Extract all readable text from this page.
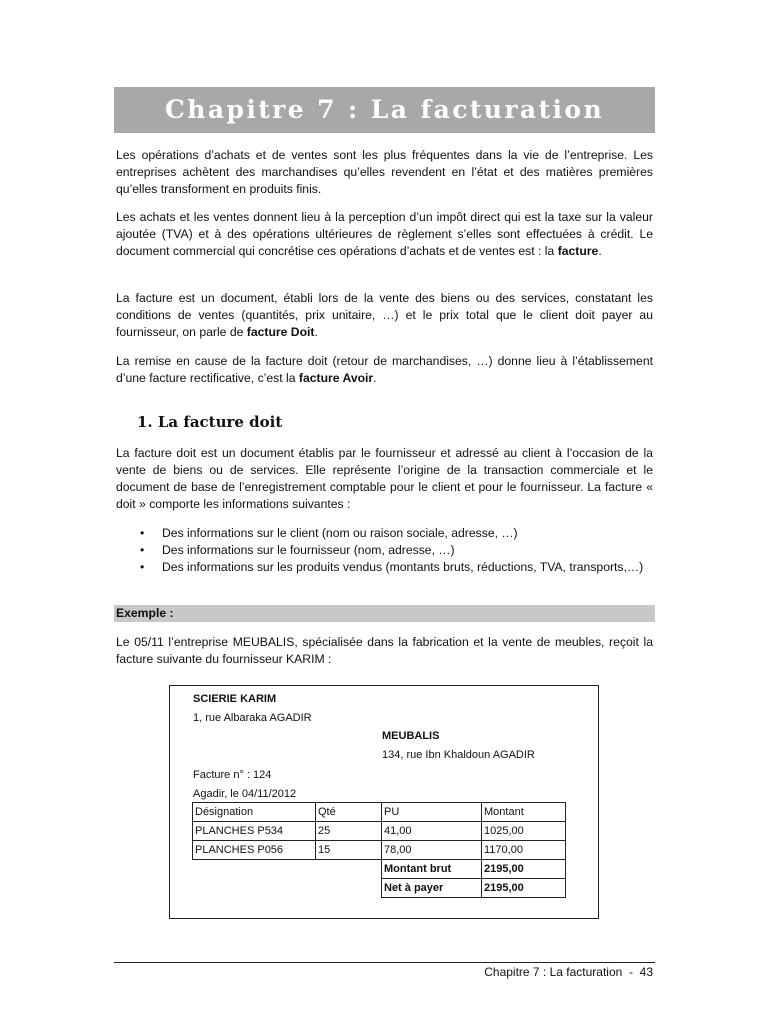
Chapitre 7 : La facturation

Les opérations d’achats et de ventes sont les plus fréquentes dans la vie de l’entreprise. Les entreprises achètent des marchandises qu’elles revendent en l’état et des matières premières qu’elles transforment en produits finis.

Les achats et les ventes donnent lieu à la perception d’un impôt direct qui est la taxe sur la valeur ajoutée (TVA) et à des opérations ultérieures de règlement s’elles sont effectuées à crédit. Le document commercial qui concrétise ces opérations d’achats et de ventes est : la facture.

La facture est un document, établi lors de la vente des biens ou des services, constatant les conditions de ventes (quantités, prix unitaire, …) et le prix total que le client doit payer au fournisseur, on parle de facture Doit.

La remise en cause de la facture doit (retour de marchandises, …) donne lieu à l’établissement d’une facture rectificative, c’est la facture Avoir.

1. La facture doit

La facture doit est un document établis par le fournisseur et adressé au client à l’occasion de la vente de biens ou de services. Elle représente l’origine de la transaction commerciale et le document de base de l’enregistrement comptable pour le client et pour le fournisseur. La facture « doit » comporte les informations suivantes :

• Des informations sur le client (nom ou raison sociale, adresse, …)
• Des informations sur le fournisseur (nom, adresse, …)
• Des informations sur les produits vendus (montants bruts, réductions, TVA, transports,…)
Exemple :

Le 05/11 l’entreprise MEUBALIS, spécialisée dans la fabrication et la vente de meubles, reçoit la facture suivante du fournisseur KARIM :

SCIERIE KARIM
1, rue Albaraka AGADIR
MEUBALIS
134, rue Ibn Khaldoun AGADIR
Facture n° : 124
Agadir, le 04/11/2012
Désignation	Qté	PU	Montant
PLANCHES P534	25	41,00	1025,00
PLANCHES P056	15	78,00	1170,00
		Montant brut	2195,00
		Net à payer	2195,00
Chapitre 7 : La facturation  -  43
